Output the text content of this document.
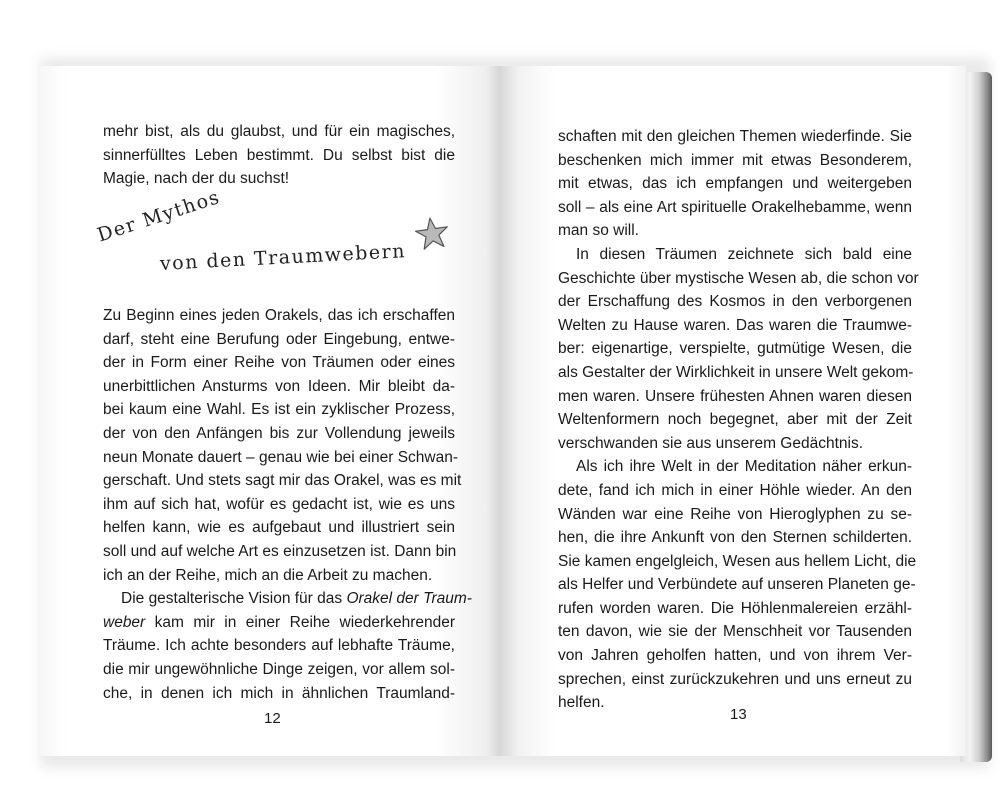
mehr bist, als du glaubst, und für ein magisches,
sinnerfülltes Leben bestimmt. Du selbst bist die
Magie, nach der du suchst!
Der Mythos
von den Traumwebern
Zu Beginn eines jeden Orakels, das ich erschaffen
darf, steht eine Berufung oder Eingebung, entwe-
der in Form einer Reihe von Träumen oder eines
unerbittlichen Ansturms von Ideen. Mir bleibt da-
bei kaum eine Wahl. Es ist ein zyklischer Prozess,
der von den Anfängen bis zur Vollendung jeweils
neun Monate dauert – genau wie bei einer Schwan-
gerschaft. Und stets sagt mir das Orakel, was es mit
ihm auf sich hat, wofür es gedacht ist, wie es uns
helfen kann, wie es aufgebaut und illustriert sein
soll und auf welche Art es einzusetzen ist. Dann bin
ich an der Reihe, mich an die Arbeit zu machen.
Die gestalterische Vision für das Orakel der Traum-
weber kam mir in einer Reihe wiederkehrender
Träume. Ich achte besonders auf lebhafte Träume,
die mir ungewöhnliche Dinge zeigen, vor allem sol-
che, in denen ich mich in ähnlichen Traumland-
12
schaften mit den gleichen Themen wiederfinde. Sie
beschenken mich immer mit etwas Besonderem,
mit etwas, das ich empfangen und weitergeben
soll – als eine Art spirituelle Orakelhebamme, wenn
man so will.
In diesen Träumen zeichnete sich bald eine
Geschichte über mystische Wesen ab, die schon vor
der Erschaffung des Kosmos in den verborgenen
Welten zu Hause waren. Das waren die Traumwe-
ber: eigenartige, verspielte, gutmütige Wesen, die
als Gestalter der Wirklichkeit in unsere Welt gekom-
men waren. Unsere frühesten Ahnen waren diesen
Weltenformern noch begegnet, aber mit der Zeit
verschwanden sie aus unserem Gedächtnis.
Als ich ihre Welt in der Meditation näher erkun-
dete, fand ich mich in einer Höhle wieder. An den
Wänden war eine Reihe von Hieroglyphen zu se-
hen, die ihre Ankunft von den Sternen schilderten.
Sie kamen engelgleich, Wesen aus hellem Licht, die
als Helfer und Verbündete auf unseren Planeten ge-
rufen worden waren. Die Höhlenmalereien erzähl-
ten davon, wie sie der Menschheit vor Tausenden
von Jahren geholfen hatten, und von ihrem Ver-
sprechen, einst zurückzukehren und uns erneut zu
helfen.
13
